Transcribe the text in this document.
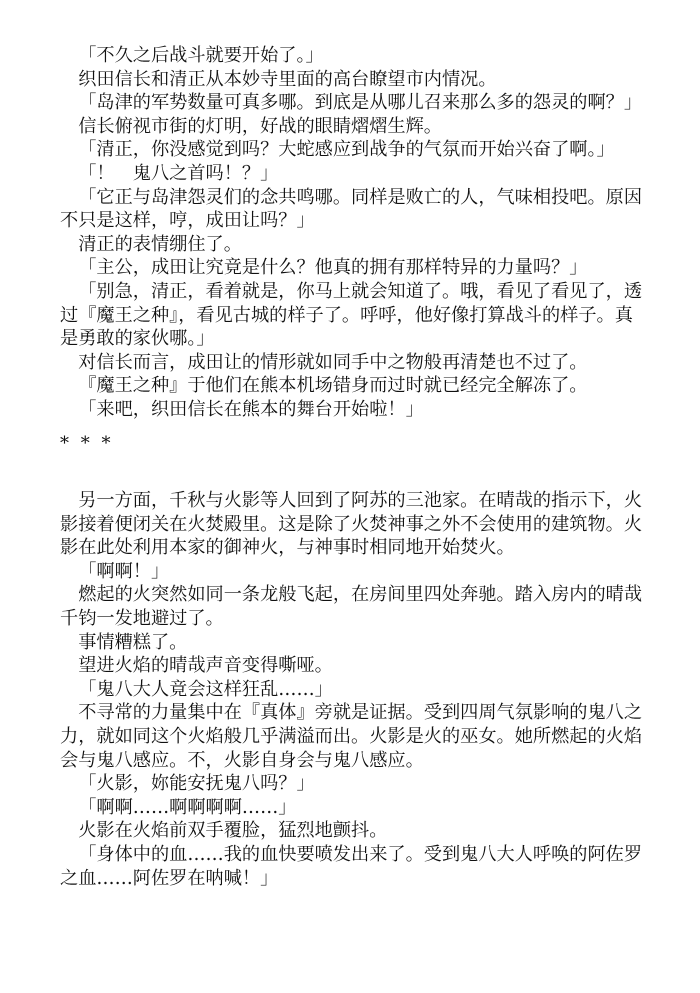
「不久之后战斗就要开始了。」

织田信长和清正从本妙寺里面的高台瞭望市内情况。

「岛津的军势数量可真多哪。到底是从哪儿召来那么多的怨灵的啊？」

信长俯视市街的灯明，好战的眼睛熠熠生辉。

「清正，你没感觉到吗？大蛇感应到战争的气氛而开始兴奋了啊。」

「！　鬼八之首吗！？」

「它正与岛津怨灵们的念共鸣哪。同样是败亡的人，气味相投吧。原因不只是这样，哼，成田让吗？」

清正的表情绷住了。

「主公，成田让究竟是什么？他真的拥有那样特异的力量吗？」

「别急，清正，看着就是，你马上就会知道了。哦，看见了看见了，透过『魔王之种』，看见古城的样子了。呼呼，他好像打算战斗的样子。真是勇敢的家伙哪。」

对信长而言，成田让的情形就如同手中之物般再清楚也不过了。

『魔王之种』于他们在熊本机场错身而过时就已经完全解冻了。

「来吧，织田信长在熊本的舞台开始啦！」

* * *

另一方面，千秋与火影等人回到了阿苏的三池家。在晴哉的指示下，火影接着便闭关在火焚殿里。这是除了火焚神事之外不会使用的建筑物。火影在此处利用本家的御神火，与神事时相同地开始焚火。

「啊啊！」

燃起的火突然如同一条龙般飞起，在房间里四处奔驰。踏入房内的晴哉千钧一发地避过了。

事情糟糕了。

望进火焰的晴哉声音变得嘶哑。

「鬼八大人竟会这样狂乱……」

不寻常的力量集中在『真体』旁就是证据。受到四周气氛影响的鬼八之力，就如同这个火焰般几乎满溢而出。火影是火的巫女。她所燃起的火焰会与鬼八感应。不，火影自身会与鬼八感应。

「火影，妳能安抚鬼八吗？」

「啊啊……啊啊啊啊……」

火影在火焰前双手覆脸，猛烈地颤抖。

「身体中的血……我的血快要喷发出来了。受到鬼八大人呼唤的阿佐罗之血……阿佐罗在呐喊！」
